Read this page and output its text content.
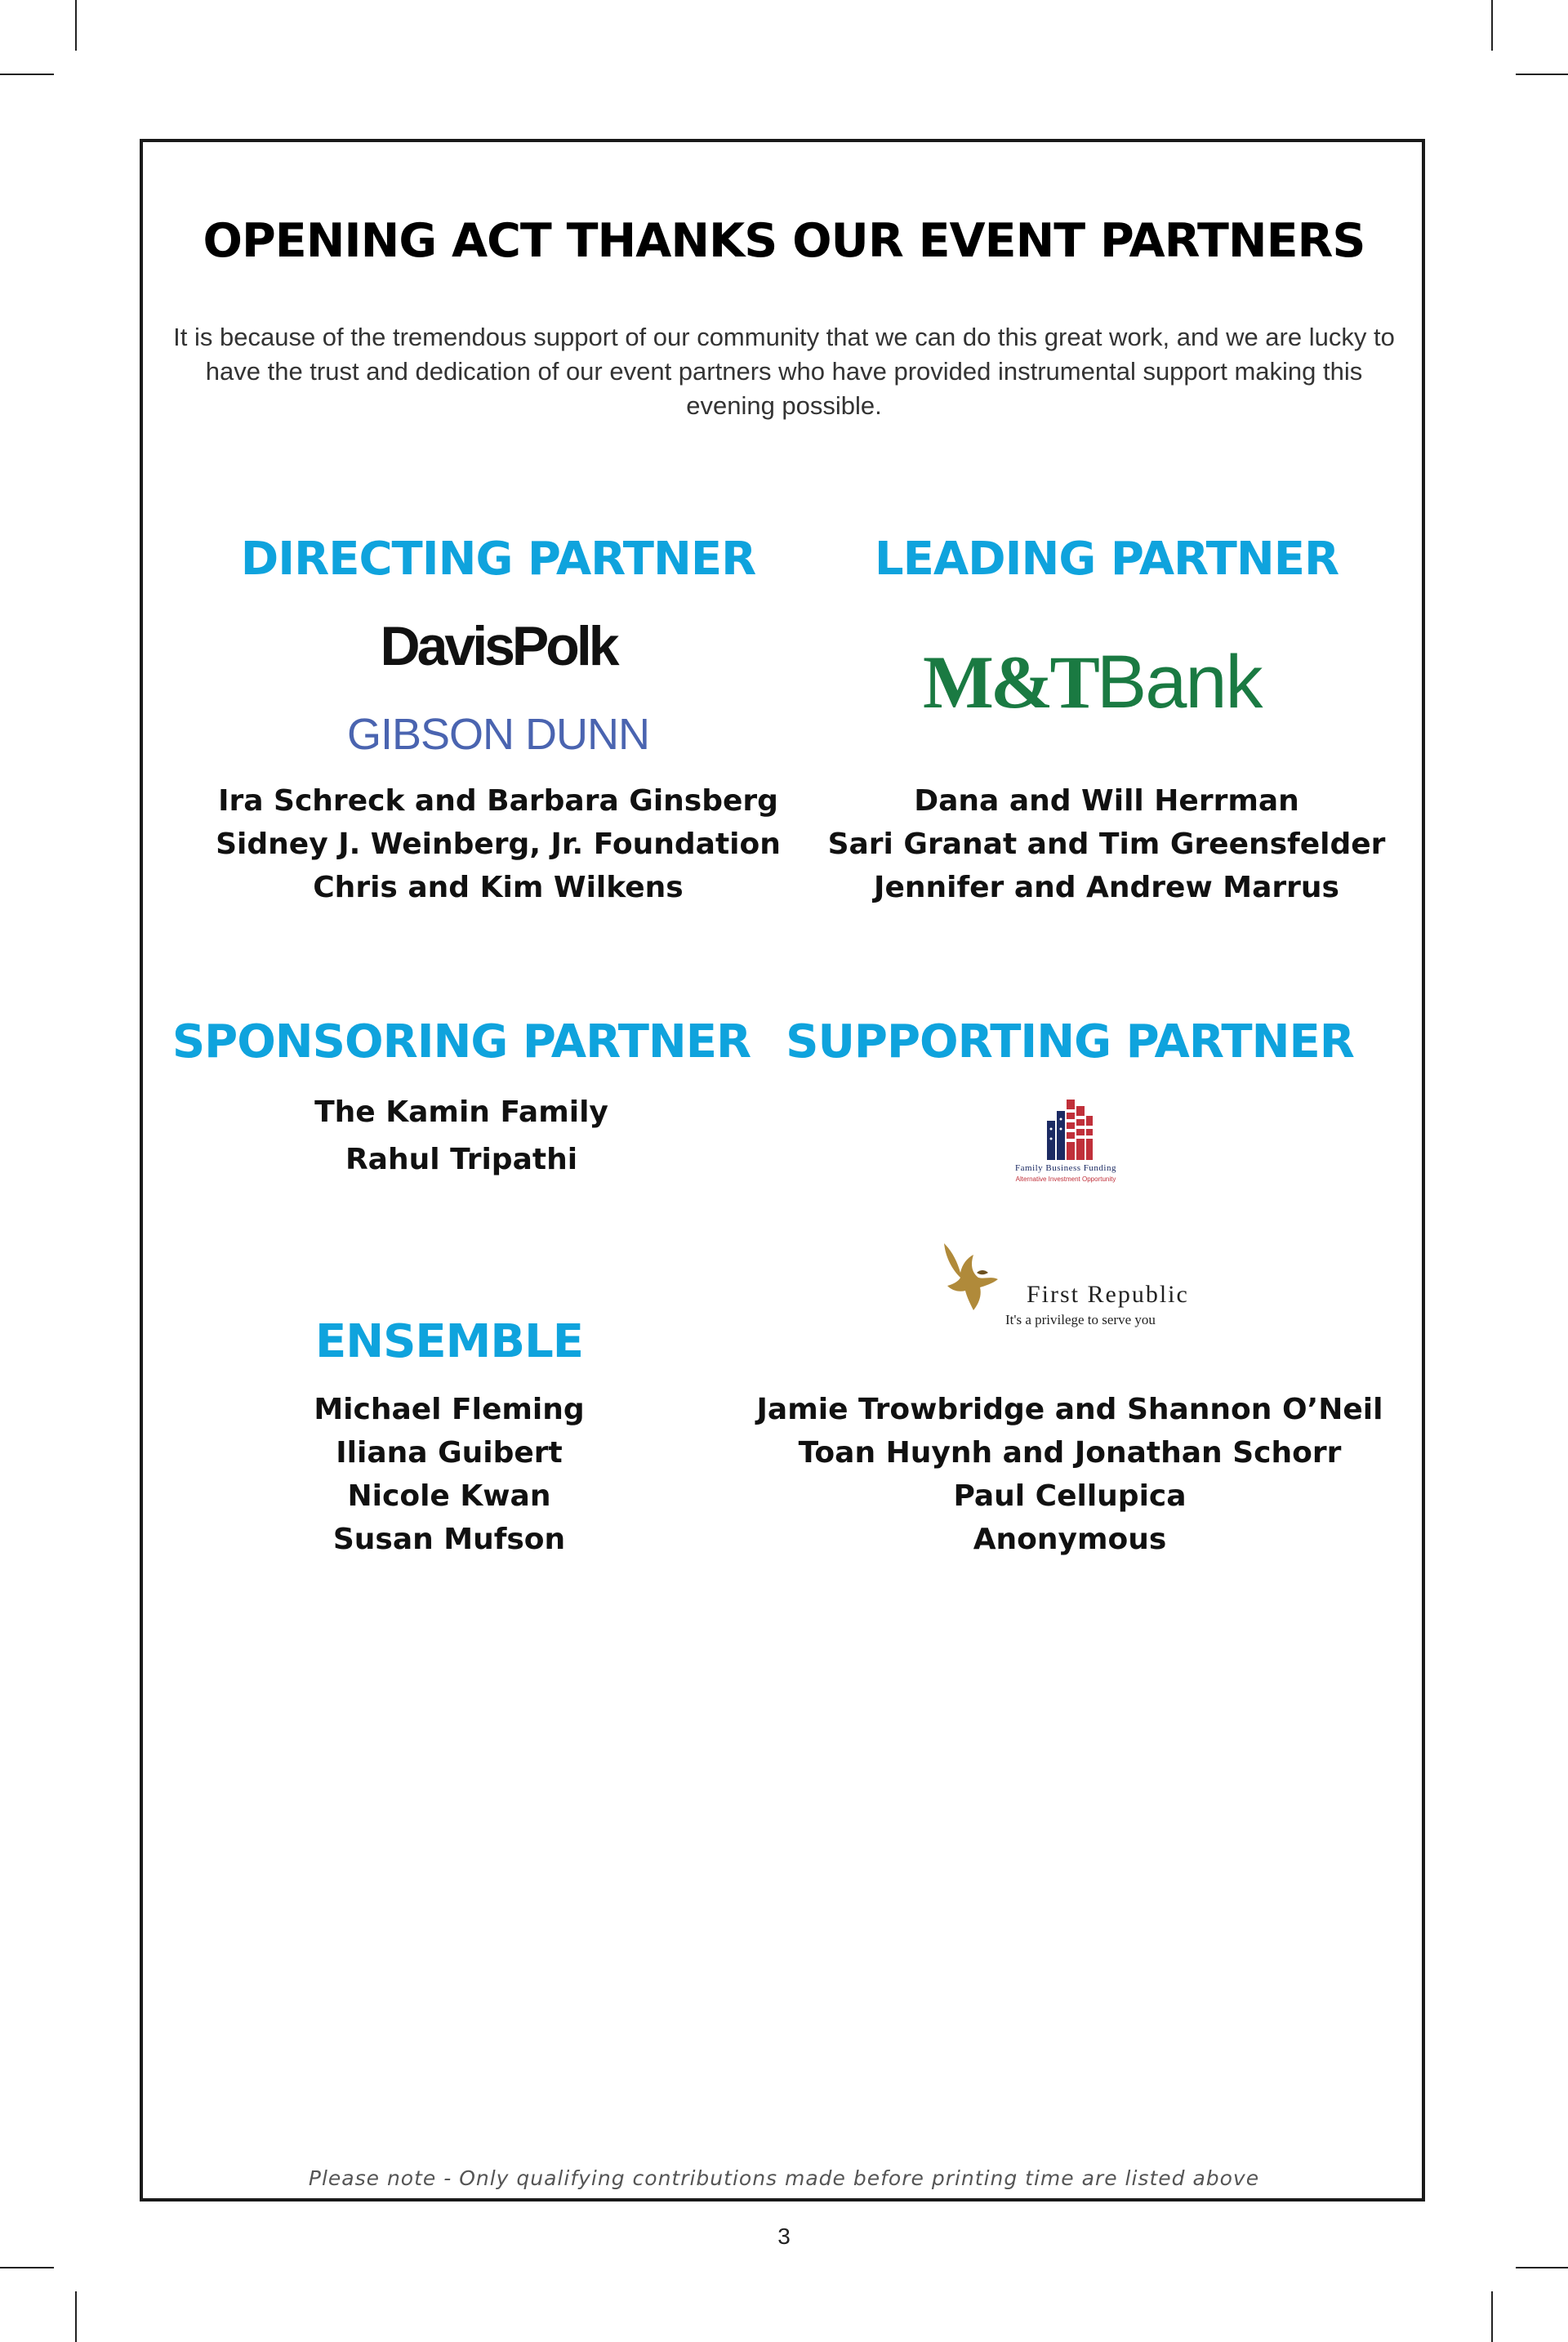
OPENING ACT THANKS OUR EVENT PARTNERS
It is because of the tremendous support of our community that we can do this great work, and we are lucky to have the trust and dedication of our event partners who have provided instrumental support making this evening possible.
DIRECTING PARTNER
DavisPolk
GIBSON DUNN
Ira Schreck and Barbara Ginsberg
Sidney J. Weinberg, Jr. Foundation
Chris and Kim Wilkens
LEADING PARTNER
M&TBank
Dana and Will Herrman
Sari Granat and Tim Greensfelder
Jennifer and Andrew Marrus
SPONSORING PARTNER
The Kamin Family
Rahul Tripathi
SUPPORTING PARTNER
Family Business Funding
Alternative Investment Opportunity
First Republic
It's a privilege to serve you
Jamie Trowbridge and Shannon O’Neil
Toan Huynh and Jonathan Schorr
Paul Cellupica
Anonymous
ENSEMBLE
Michael Fleming
Iliana Guibert
Nicole Kwan
Susan Mufson
Please note - Only qualifying contributions made before printing time are listed above
3
